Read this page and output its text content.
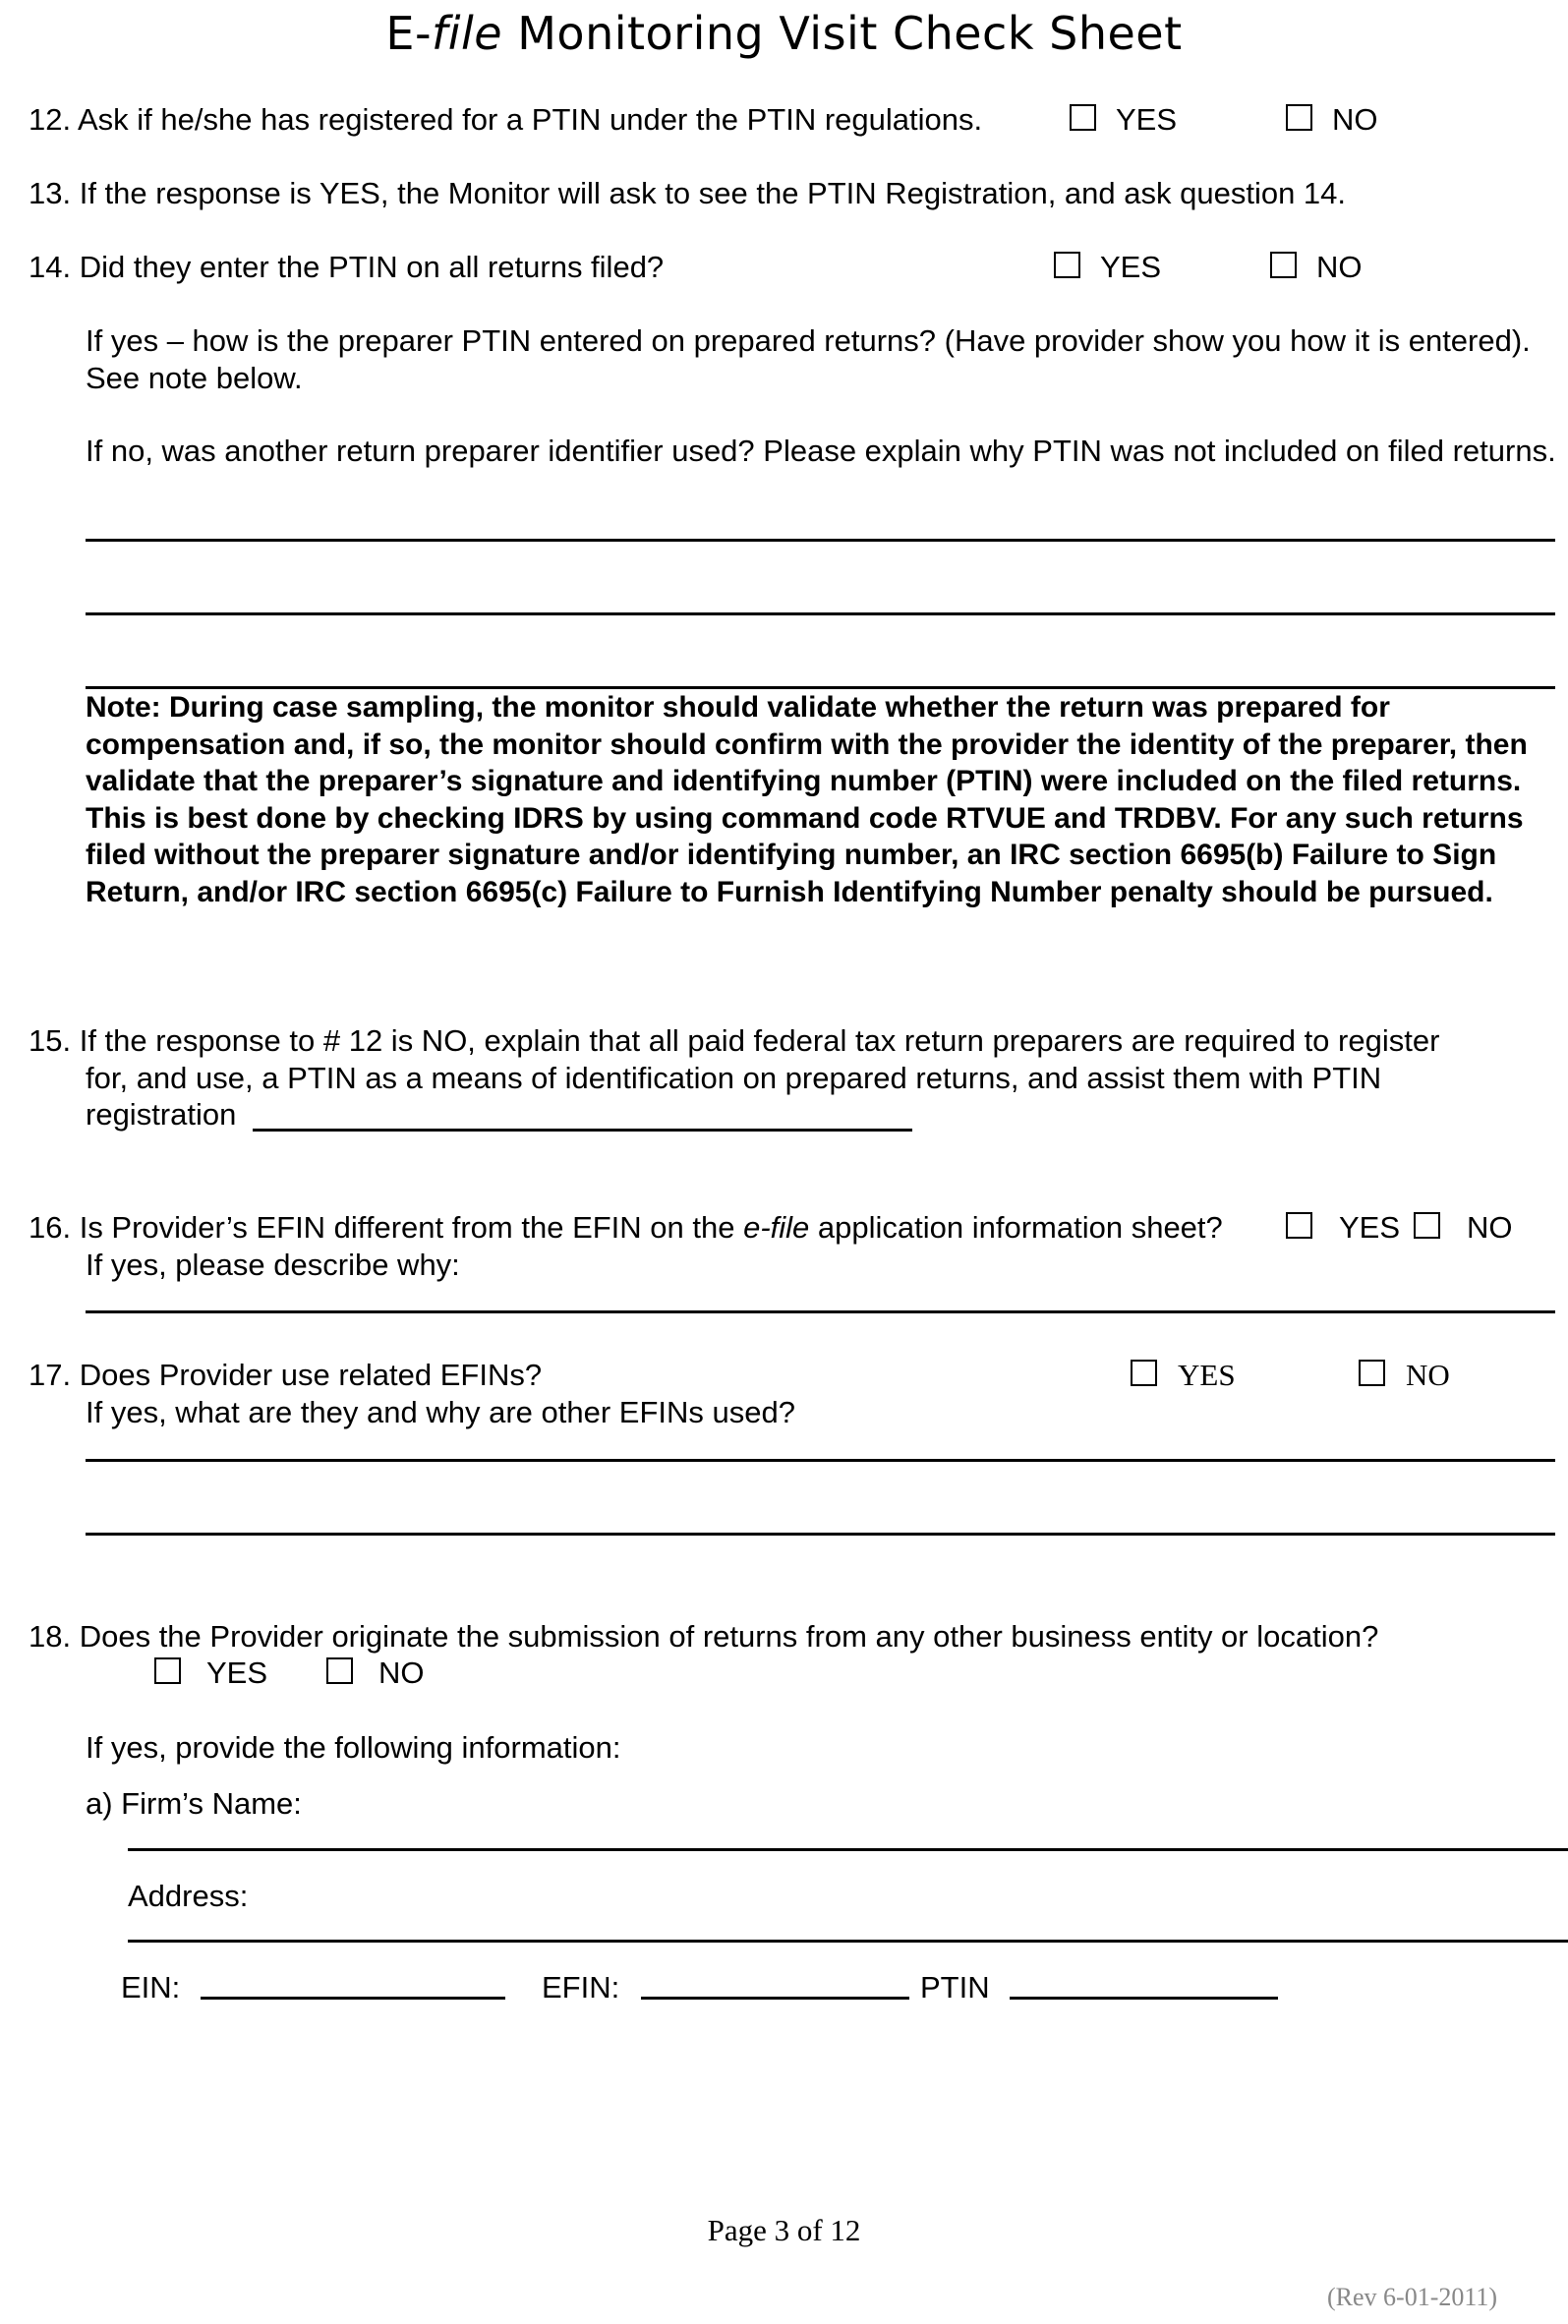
E-file Monitoring Visit Check Sheet
12. Ask if he/she has registered for a PTIN under the PTIN regulations.	YES	NO
13. If the response is YES, the Monitor will ask to see the PTIN Registration, and ask question 14.
14. Did they enter the PTIN on all returns filed?	YES	NO
If yes – how is the preparer PTIN entered on prepared returns? (Have provider show you how it is entered). See note below.
If no, was another return preparer identifier used? Please explain why PTIN was not included on filed returns.
Note: During case sampling, the monitor should validate whether the return was prepared for compensation and, if so, the monitor should confirm with the provider the identity of the preparer, then validate that the preparer’s signature and identifying number (PTIN) were included on the filed returns. This is best done by checking IDRS by using command code RTVUE and TRDBV. For any such returns filed without the preparer signature and/or identifying number, an IRC section 6695(b) Failure to Sign Return, and/or IRC section 6695(c) Failure to Furnish Identifying Number penalty should be pursued.
15. If the response to # 12 is NO, explain that all paid federal tax return preparers are required to register
for, and use, a PTIN as a means of identification on prepared returns, and assist them with PTIN
registration
16. Is Provider’s EFIN different from the EFIN on the e-file application information sheet?	YES NO
If yes, please describe why:
17. Does Provider use related EFINs?	YES	NO
If yes, what are they and why are other EFINs used?
18. Does the Provider originate the submission of returns from any other business entity or location?
YES	NO
If yes, provide the following information:
a) Firm’s Name:
Address:
EIN:	EFIN:	PTIN
Page 3 of 12
(Rev 6-01-2011)
